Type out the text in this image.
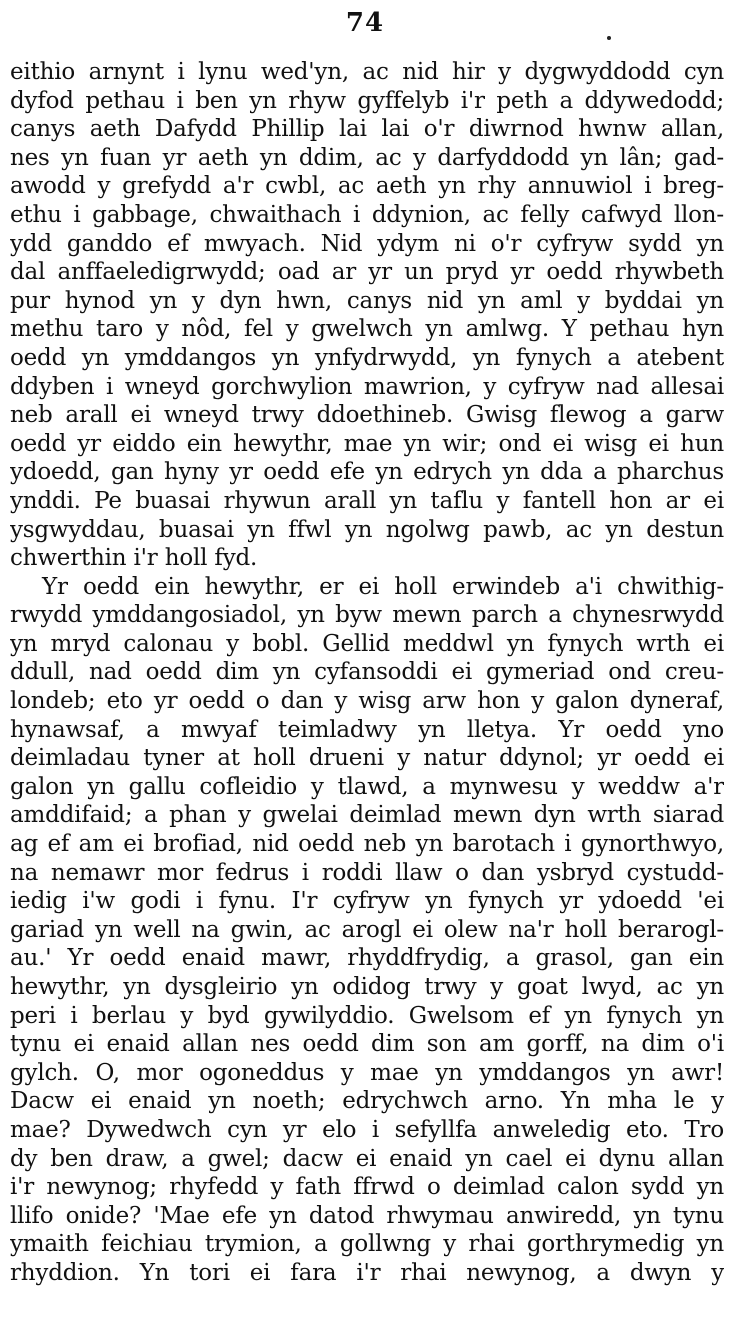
74
eithio arnynt i lynu wed'yn, ac nid hir y dygwyddodd cyn
dyfod pethau i ben yn rhyw gyffelyb i'r peth a ddywedodd;
canys aeth Dafydd Phillip lai lai o'r diwrnod hwnw allan,
nes yn fuan yr aeth yn ddim, ac y darfyddodd yn lân; gad-
awodd y grefydd a'r cwbl, ac aeth yn rhy annuwiol i breg-
ethu i gabbage, chwaithach i ddynion, ac felly cafwyd llon-
ydd ganddo ef mwyach. Nid ydym ni o'r cyfryw sydd yn
dal anffaeledigrwydd; oad ar yr un pryd yr oedd rhywbeth
pur hynod yn y dyn hwn, canys nid yn aml y byddai yn
methu taro y nôd, fel y gwelwch yn amlwg. Y pethau hyn
oedd yn ymddangos yn ynfydrwydd, yn fynych a atebent
ddyben i wneyd gorchwylion mawrion, y cyfryw nad allesai
neb arall ei wneyd trwy ddoethineb. Gwisg flewog a garw
oedd yr eiddo ein hewythr, mae yn wir; ond ei wisg ei hun
ydoedd, gan hyny yr oedd efe yn edrych yn dda a pharchus
ynddi. Pe buasai rhywun arall yn taflu y fantell hon ar ei
ysgwyddau, buasai yn ffwl yn ngolwg pawb, ac yn destun
chwerthin i'r holl fyd.
Yr oedd ein hewythr, er ei holl erwindeb a'i chwithig-
rwydd ymddangosiadol, yn byw mewn parch a chynesrwydd
yn mryd calonau y bobl. Gellid meddwl yn fynych wrth ei
ddull, nad oedd dim yn cyfansoddi ei gymeriad ond creu-
londeb; eto yr oedd o dan y wisg arw hon y galon dyneraf,
hynawsaf, a mwyaf teimladwy yn lletya. Yr oedd yno
deimladau tyner at holl drueni y natur ddynol; yr oedd ei
galon yn gallu cofleidio y tlawd, a mynwesu y weddw a'r
amddifaid; a phan y gwelai deimlad mewn dyn wrth siarad
ag ef am ei brofiad, nid oedd neb yn barotach i gynorthwyo,
na nemawr mor fedrus i roddi llaw o dan ysbryd cystudd-
iedig i'w godi i fynu. I'r cyfryw yn fynych yr ydoedd 'ei
gariad yn well na gwin, ac arogl ei olew na'r holl berarogl-
au.' Yr oedd enaid mawr, rhyddfrydig, a grasol, gan ein
hewythr, yn dysgleirio yn odidog trwy y goat lwyd, ac yn
peri i berlau y byd gywilyddio. Gwelsom ef yn fynych yn
tynu ei enaid allan nes oedd dim son am gorff, na dim o'i
gylch. O, mor ogoneddus y mae yn ymddangos yn awr!
Dacw ei enaid yn noeth; edrychwch arno. Yn mha le y
mae? Dywedwch cyn yr elo i sefyllfa anweledig eto. Tro
dy ben draw, a gwel; dacw ei enaid yn cael ei dynu allan
i'r newynog; rhyfedd y fath ffrwd o deimlad calon sydd yn
llifo onide? 'Mae efe yn datod rhwymau anwiredd, yn tynu
ymaith feichiau trymion, a gollwng y rhai gorthrymedig yn
rhyddion. Yn tori ei fara i'r rhai newynog, a dwyn y
